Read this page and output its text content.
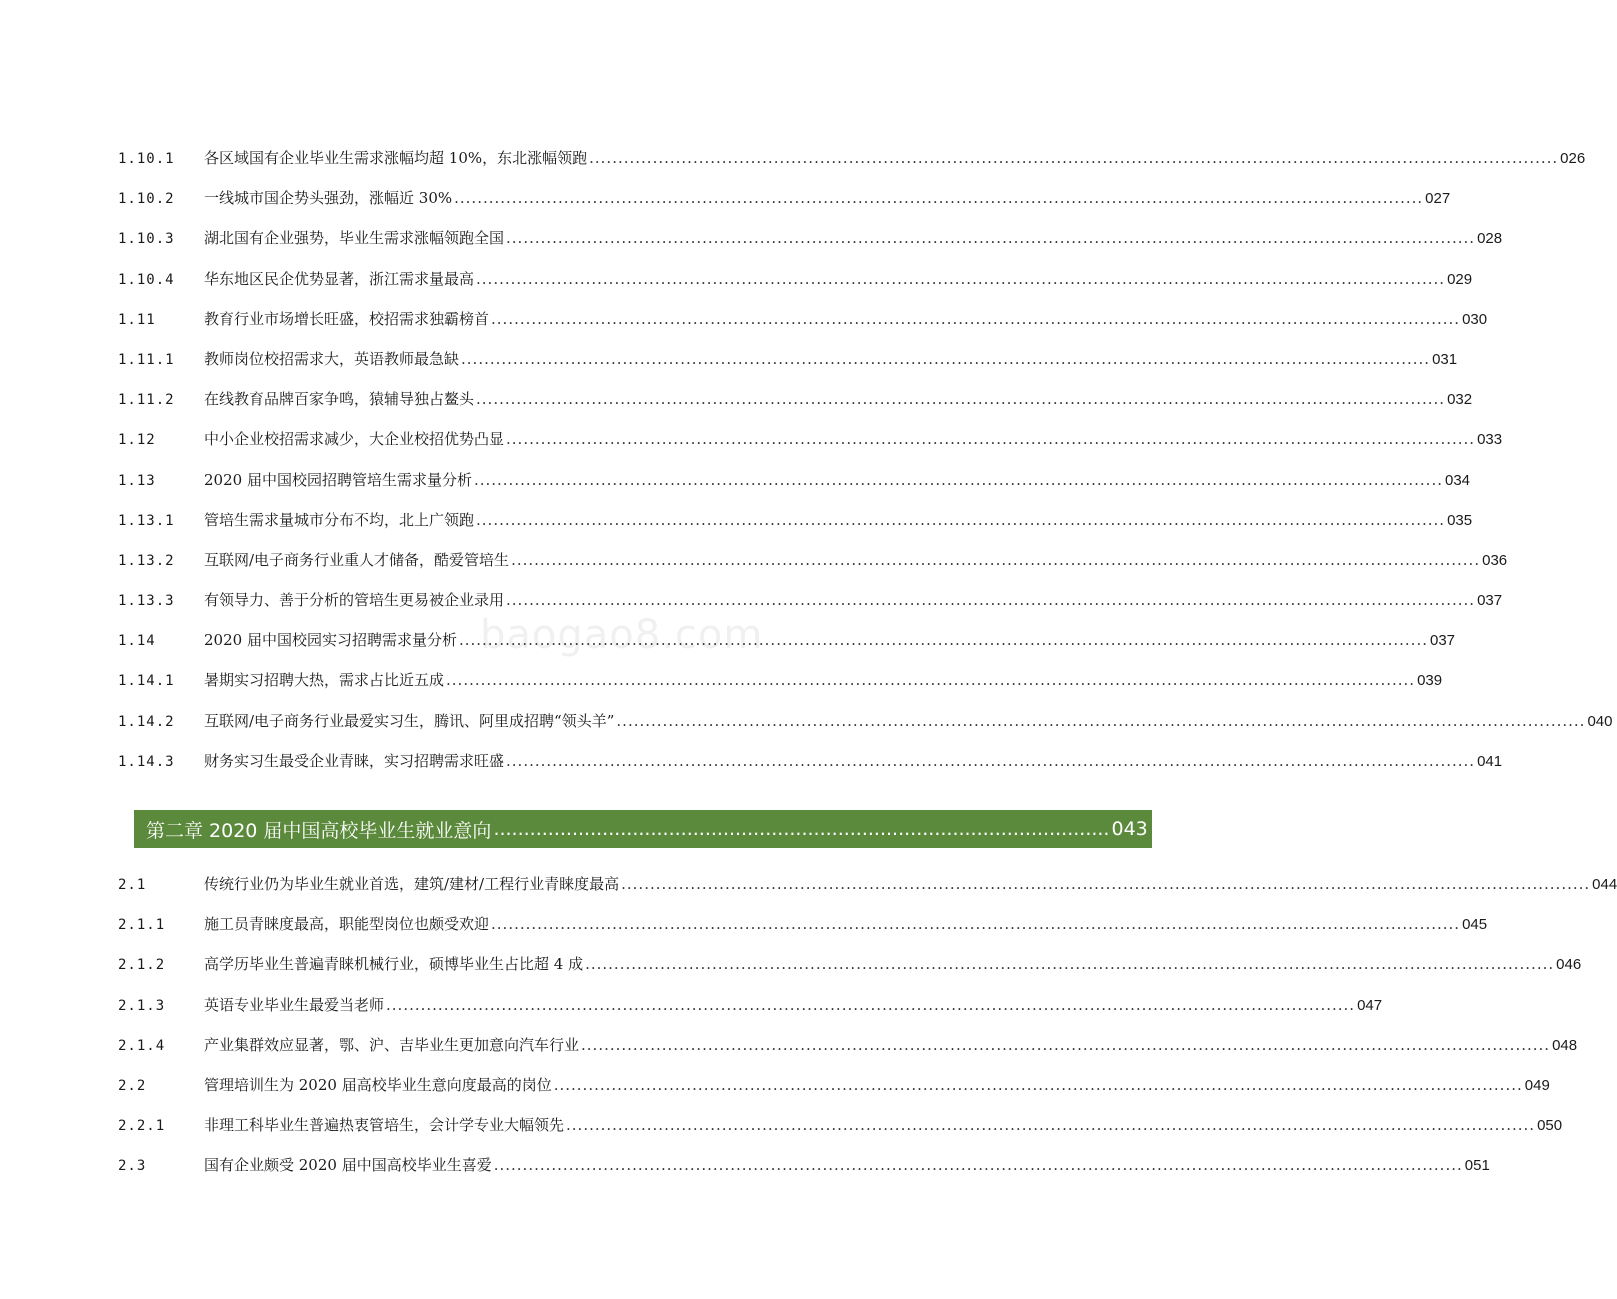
baogao8.com
1.10.1	各区域国有企业毕业生需求涨幅均超 10%，东北涨幅领跑 .....	026
1.10.2	一线城市国企势头强劲，涨幅近 30% .....	027
1.10.3	湖北国有企业强势，毕业生需求涨幅领跑全国 .....	028
1.10.4	华东地区民企优势显著，浙江需求量最高 .....	029
1.11	教育行业市场增长旺盛，校招需求独霸榜首 .....	030
1.11.1	教师岗位校招需求大，英语教师最急缺 .....	031
1.11.2	在线教育品牌百家争鸣，猿辅导独占鳌头 .....	032
1.12	中小企业校招需求减少，大企业校招优势凸显 .....	033
1.13	2020 届中国校园招聘管培生需求量分析 .....	034
1.13.1	管培生需求量城市分布不均，北上广领跑 .....	035
1.13.2	互联网/电子商务行业重人才储备，酷爱管培生 .....	036
1.13.3	有领导力、善于分析的管培生更易被企业录用 .....	037
1.14	2020 届中国校园实习招聘需求量分析 .....	037
1.14.1	暑期实习招聘大热，需求占比近五成 .....	039
1.14.2	互联网/电子商务行业最爱实习生，腾讯、阿里成招聘“领头羊” .....	040
1.14.3	财务实习生最受企业青睐，实习招聘需求旺盛 .....	041
第二章 2020 届中国高校毕业生就业意向 .....	043
2.1	传统行业仍为毕业生就业首选，建筑/建材/工程行业青睐度最高 .....	044
2.1.1	施工员青睐度最高，职能型岗位也颇受欢迎 .....	045
2.1.2	高学历毕业生普遍青睐机械行业，硕博毕业生占比超 4 成 .....	046
2.1.3	英语专业毕业生最爱当老师 .....	047
2.1.4	产业集群效应显著，鄂、沪、吉毕业生更加意向汽车行业 .....	048
2.2	管理培训生为 2020 届高校毕业生意向度最高的岗位 .....	049
2.2.1	非理工科毕业生普遍热衷管培生，会计学专业大幅领先 .....	050
2.3	国有企业颇受 2020 届中国高校毕业生喜爱 .....	051
